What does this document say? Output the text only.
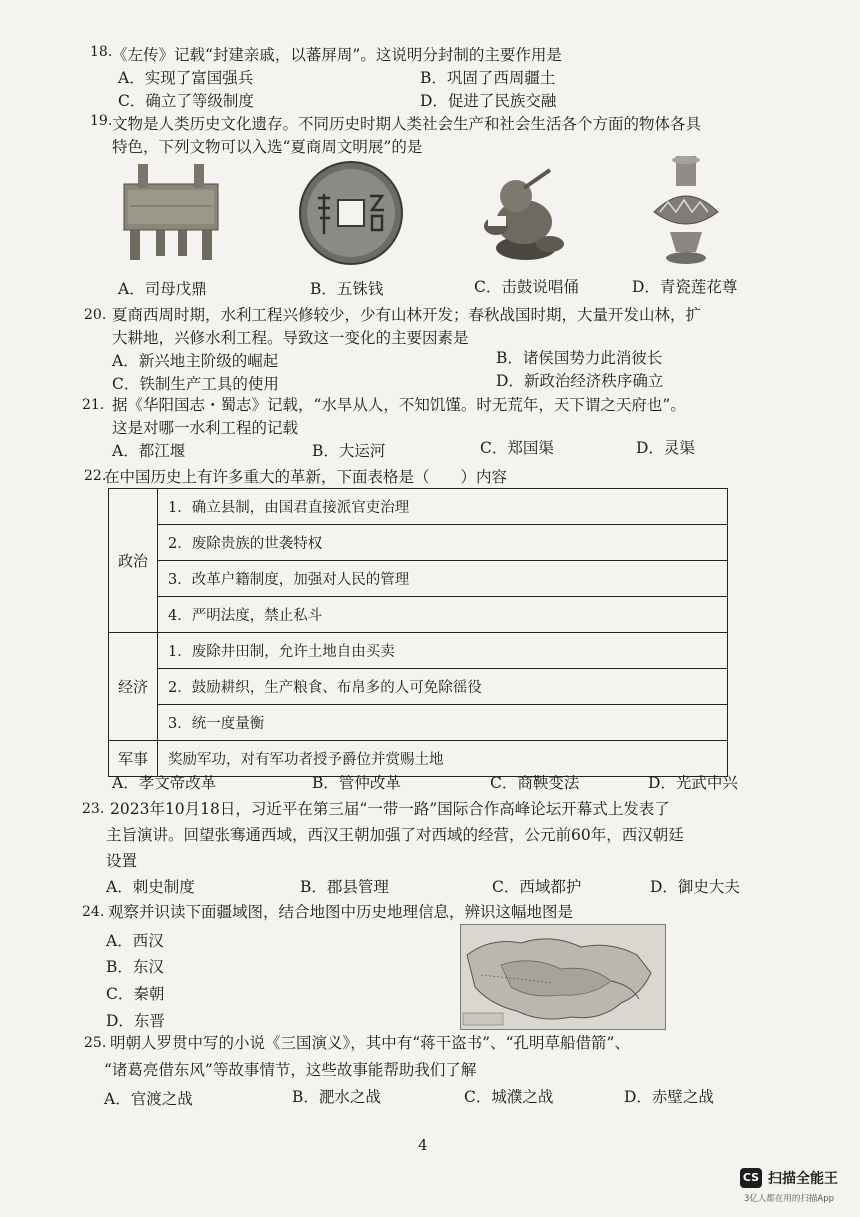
18. 《左传》记载“封建亲戚，以蕃屏周”。这说明分封制的主要作用是
A．实现了富国强兵	B．巩固了西周疆土
C．确立了等级制度	D．促进了民族交融
19. 文物是人类历史文化遗存。不同历史时期人类社会生产和社会生活各个方面的物体各具
特色，下列文物可以入选“夏商周文明展”的是
A．司母戊鼎	B．五铢钱	C．击鼓说唱俑	D．青瓷莲花尊
20. 夏商西周时期，水利工程兴修较少，少有山林开发；春秋战国时期，大量开发山林，扩
大耕地，兴修水利工程。导致这一变化的主要因素是
A．新兴地主阶级的崛起	B．诸侯国势力此消彼长
C．铁制生产工具的使用	D．新政治经济秩序确立
21. 据《华阳国志・蜀志》记载，“水旱从人，不知饥馑。时无荒年，天下谓之天府也”。
这是对哪一水利工程的记载
A．都江堰	B．大运河	C．郑国渠	D．灵渠
22.
在中国历史上有许多重大的革新，下面表格是（　　）内容
政治	1．确立县制，由国君直接派官吏治理
	2．废除贵族的世袭特权
	3．改革户籍制度，加强对人民的管理
	4．严明法度，禁止私斗
经济	1．废除井田制，允许土地自由买卖
	2．鼓励耕织，生产粮食、布帛多的人可免除徭役
	3．统一度量衡
军事	奖励军功，对有军功者授予爵位并赏赐土地
A．孝文帝改革	B．管仲改革	C．商鞅变法	D．光武中兴
23. 2023年10月18日，习近平在第三届“一带一路”国际合作高峰论坛开幕式上发表了
主旨演讲。回望张骞通西域，西汉王朝加强了对西域的经营，公元前60年，西汉朝廷
设置
A．刺史制度	B．郡县管理	C．西域都护	D．御史大夫
24. 观察并识读下面疆域图，结合地图中历史地理信息，辨识这幅地图是
A．西汉
B．东汉
C．秦朝
D．东晋
25. 明朝人罗贯中写的小说《三国演义》，其中有“蒋干盗书”、“孔明草船借箭”、
“诸葛亮借东风”等故事情节，这些故事能帮助我们了解
A．官渡之战	B．淝水之战	C．城濮之战	D．赤壁之战
4
CS 扫描全能王
3亿人都在用的扫描App
